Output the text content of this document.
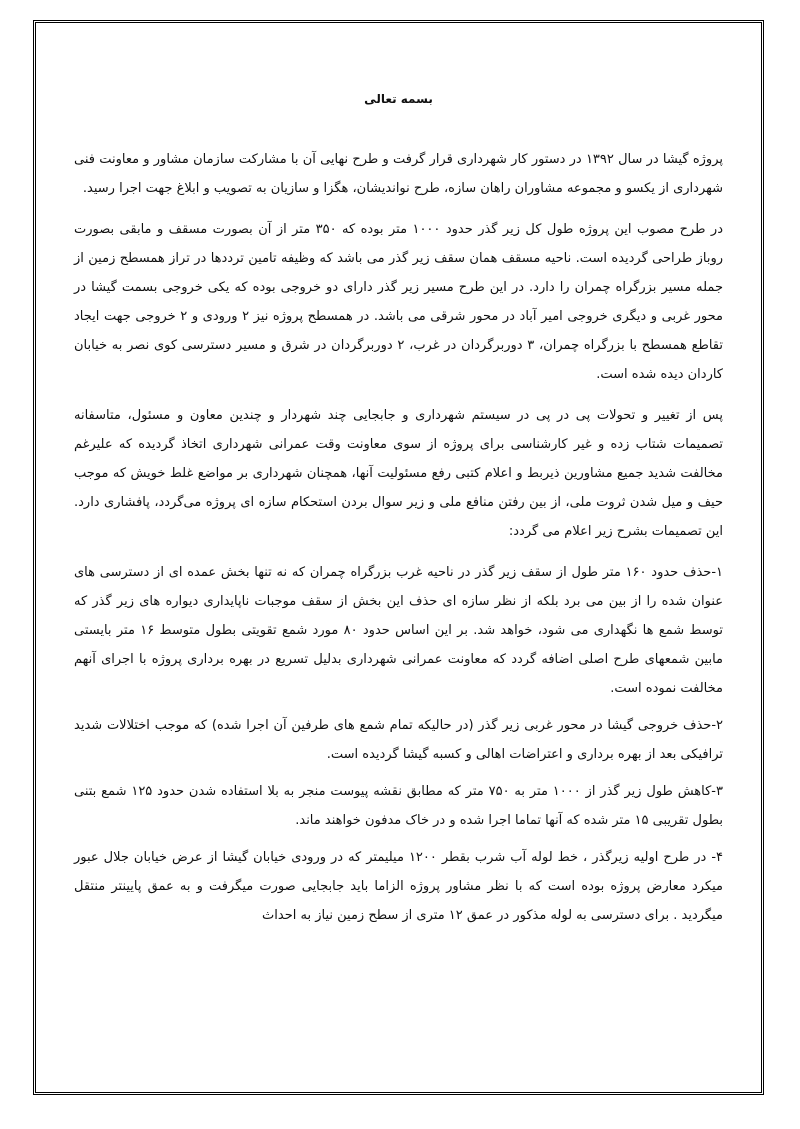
بسمه تعالی

پروژه گیشا در سال ۱۳۹۲ در دستور کار شهرداری قرار گرفت و طرح نهایی آن با مشارکت سازمان مشاور و معاونت فنی شهرداری از یکسو و مجموعه مشاوران راهان سازه، طرح نواندیشان، هگزا و سازیان به تصویب و ابلاغ جهت اجرا رسید.

در طرح مصوب این پروژه طول کل زیر گذر حدود ۱۰۰۰ متر بوده که ۳۵۰ متر از آن بصورت مسقف و مابقی بصورت روباز طراحی گردیده است. ناحیه مسقف همان سقف زیر گذر می باشد که وظیفه تامین ترددها در تراز همسطح زمین از جمله مسیر بزرگراه چمران را دارد. در این طرح مسیر زیر گذر دارای دو خروجی بوده که یکی خروجی بسمت گیشا در محور غربی و دیگری خروجی امیر آباد در محور شرقی می باشد. در همسطح پروژه نیز ۲ ورودی و ۲ خروجی جهت ایجاد تقاطع همسطح با بزرگراه چمران، ۳ دوربرگردان در غرب، ۲ دوربرگردان در شرق و مسیر دسترسی کوی نصر به خیابان کاردان دیده شده است.

پس از تغییر و تحولات پی در پی در سیستم شهرداری و جابجایی چند شهردار و چندین معاون و مسئول، متاسفانه تصمیمات شتاب زده و غیر کارشناسی برای پروژه از سوی معاونت وقت عمرانی شهرداری اتخاذ گردیده که علیرغم مخالفت شدید جمیع مشاورین ذیربط و اعلام کتبی رفع مسئولیت آنها، همچنان شهرداری بر مواضع غلط خویش که موجب حیف و میل شدن ثروت ملی، از بین رفتن منافع ملی و زیر سوال بردن استحکام سازه ای پروژه می‌گردد، پافشاری دارد. این تصمیمات بشرح زیر اعلام می گردد:

۱-حذف حدود ۱۶۰ متر طول از سقف زیر گذر در ناحیه غرب بزرگراه چمران که نه تنها بخش عمده ای از دسترسی های عنوان شده را از بین می برد بلکه از نظر سازه ای حذف این بخش از سقف موجبات ناپایداری دیواره های زیر گذر که توسط شمع ها نگهداری می شود، خواهد شد. بر این اساس حدود ۸۰ مورد شمع تقویتی بطول متوسط ۱۶ متر بایستی مابین شمعهای طرح اصلی اضافه گردد که معاونت عمرانی شهرداری بدلیل تسریع در بهره برداری پروژه با اجرای آنهم مخالفت نموده است.

۲-حذف خروجی گیشا در محور غربی زیر گذر (در حالیکه تمام شمع های طرفین آن اجرا شده) که موجب اختلالات شدید ترافیکی بعد از بهره برداری و اعتراضات اهالی و کسبه گیشا گردیده است.

۳-کاهش طول زیر گذر از ۱۰۰۰ متر به ۷۵۰ متر که مطابق نقشه پیوست منجر به بلا استفاده شدن حدود ۱۲۵ شمع بتنی بطول تقریبی ۱۵ متر شده که آنها تماما اجرا شده و در خاک مدفون خواهند ماند.

۴- در طرح اولیه زیرگذر ، خط لوله آب شرب بقطر ۱۲۰۰ میلیمتر که در ورودی خیابان گیشا از عرض خیابان جلال عبور میکرد معارض پروژه بوده است که با نظر مشاور پروژه الزاما باید جابجایی صورت میگرفت و به عمق پایینتر منتقل میگردید . برای دسترسی به لوله مذکور در عمق ۱۲ متری از سطح زمین نیاز به احداث
